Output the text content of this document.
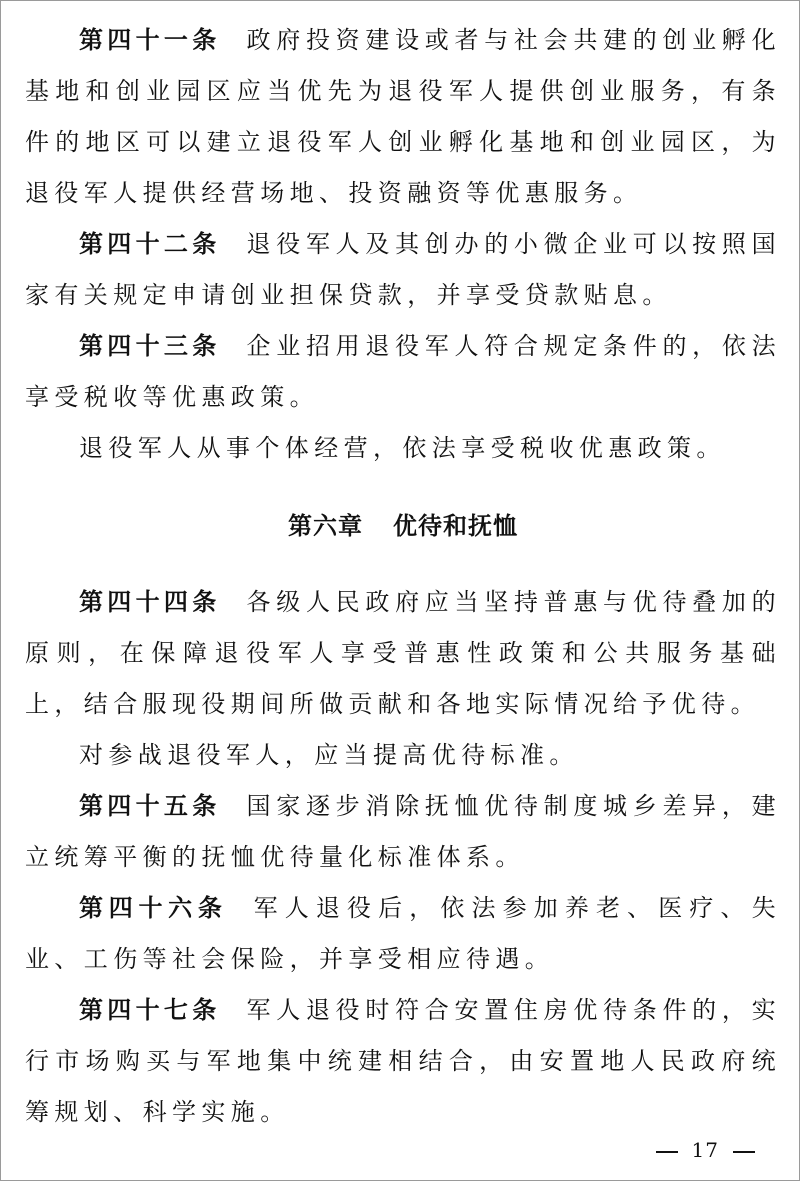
第四十一条 政府投资建设或者与社会共建的创业孵化基地和创业园区应当优先为退役军人提供创业服务，有条件的地区可以建立退役军人创业孵化基地和创业园区，为退役军人提供经营场地、投资融资等优惠服务。

第四十二条 退役军人及其创办的小微企业可以按照国家有关规定申请创业担保贷款，并享受贷款贴息。

第四十三条 企业招用退役军人符合规定条件的，依法享受税收等优惠政策。

退役军人从事个体经营，依法享受税收优惠政策。

第六章 优待和抚恤

第四十四条 各级人民政府应当坚持普惠与优待叠加的原则，在保障退役军人享受普惠性政策和公共服务基础上，结合服现役期间所做贡献和各地实际情况给予优待。

对参战退役军人，应当提高优待标准。

第四十五条 国家逐步消除抚恤优待制度城乡差异，建立统筹平衡的抚恤优待量化标准体系。

第四十六条 军人退役后，依法参加养老、医疗、失业、工伤等社会保险，并享受相应待遇。

第四十七条 军人退役时符合安置住房优待条件的，实行市场购买与军地集中统建相结合，由安置地人民政府统筹规划、科学实施。

17
